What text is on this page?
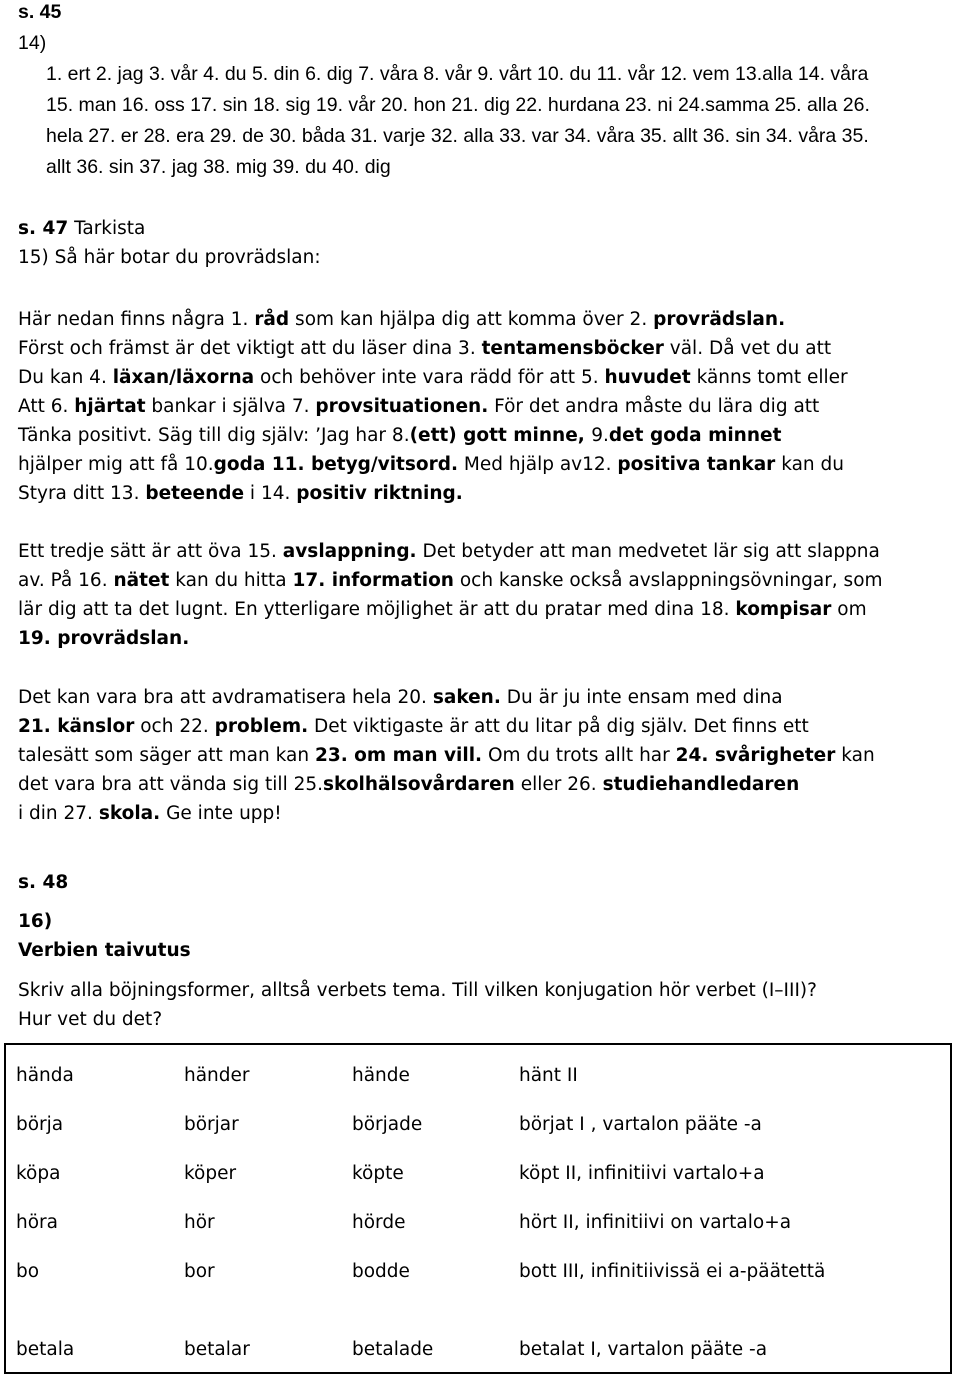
s. 45

14)

1. ert 2. jag 3. vår 4. du 5. din 6. dig 7. våra 8. vår 9. vårt 10. du 11. vår 12. vem 13.alla 14. våra

15. man 16. oss 17. sin 18. sig 19. vår 20. hon 21. dig 22. hurdana 23. ni 24.samma 25. alla 26.

hela 27. er 28. era 29. de 30. båda 31. varje 32. alla 33. var 34. våra 35. allt 36. sin 34. våra 35.

allt 36. sin 37. jag 38. mig 39. du 40. dig

s. 47 Tarkista

15) Så här botar du provrädslan:

Här nedan finns några 1. råd som kan hjälpa dig att komma över 2. provrädslan.

Först och främst är det viktigt att du läser dina 3. tentamensböcker väl. Då vet du att

Du kan 4. läxan/läxorna och behöver inte vara rädd för att 5. huvudet känns tomt eller

Att 6. hjärtat bankar i själva 7. provsituationen. För det andra måste du lära dig att

Tänka positivt. Säg till dig själv: ’Jag har 8.(ett) gott minne, 9.det goda minnet

hjälper mig att få 10.goda 11. betyg/vitsord. Med hjälp av12. positiva tankar kan du

Styra ditt 13. beteende i 14. positiv riktning.

Ett tredje sätt är att öva 15. avslappning. Det betyder att man medvetet lär sig att slappna

av. På 16. nätet kan du hitta 17. information och kanske också avslappningsövningar, som

lär dig att ta det lugnt. En ytterligare möjlighet är att du pratar med dina 18. kompisar om

19. provrädslan.

Det kan vara bra att avdramatisera hela 20. saken. Du är ju inte ensam med dina

21. känslor och 22. problem. Det viktigaste är att du litar på dig själv. Det finns ett

talesätt som säger att man kan 23. om man vill. Om du trots allt har 24. svårigheter kan

det vara bra att vända sig till 25.skolhälsovårdaren eller 26. studiehandledaren

i din 27. skola. Ge inte upp!

s. 48

16)

Verbien taivutus

Skriv alla böjningsformer, alltså verbets tema. Till vilken konjugation hör verbet (I–III)?

Hur vet du det?

hända	händer	hände	hänt II
börja	börjar	började	börjat I , vartalon pääte -a
köpa	köper	köpte	köpt II, infinitiivi vartalo+a
höra	hör	hörde	hört II, infinitiivi on vartalo+a
bo	bor	bodde	bott III, infinitiivissä ei a-päätettä
betala	betalar	betalade	betalat I, vartalon pääte -a
